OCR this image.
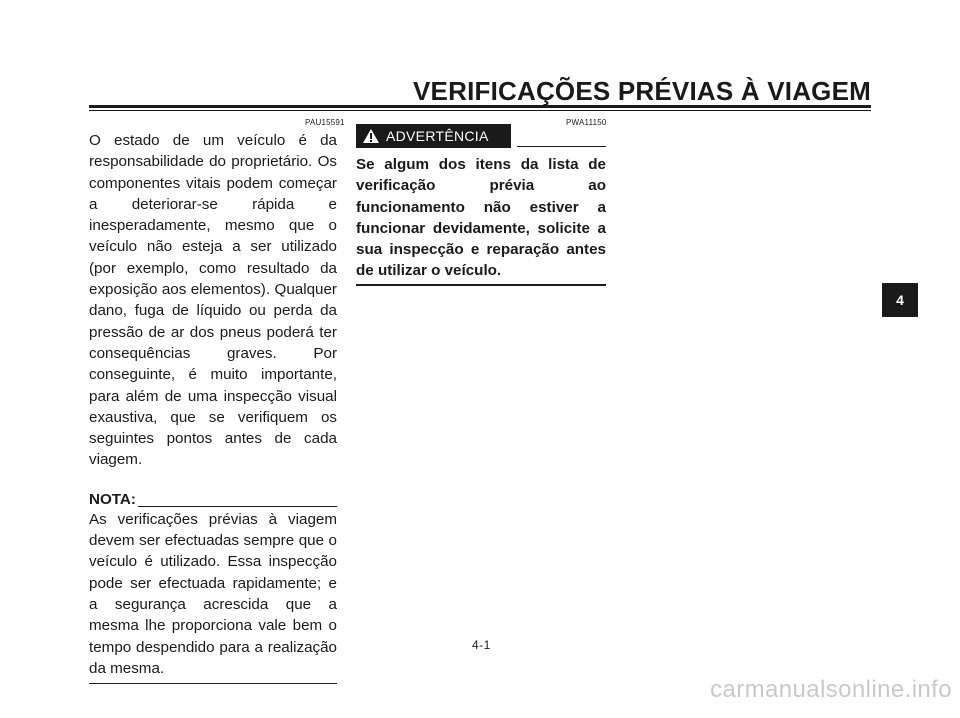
VERIFICAÇÕES PRÉVIAS À VIAGEM
PAU15591	PWA11150

O estado de um veículo é da responsabilidade do proprietário. Os componentes vitais podem começar a deteriorar-se rápida e inesperadamente, mesmo que o veículo não esteja a ser utilizado (por exemplo, como resultado da exposição aos elementos). Qualquer dano, fuga de líquido ou perda da pressão de ar dos pneus poderá ter consequências graves. Por conseguinte, é muito importante, para além de uma inspecção visual exaustiva, que se verifiquem os seguintes pontos antes de cada viagem.

NOTA:

As verificações prévias à viagem devem ser efectuadas sempre que o veículo é utilizado. Essa inspecção pode ser efectuada rapidamente; e a segurança acrescida que a mesma lhe proporciona vale bem o tempo despendido para a realização da mesma.

ADVERTÊNCIA

Se algum dos itens da lista de verificação prévia ao funcionamento não estiver a funcionar devidamente, solicite a sua inspecção e reparação antes de utilizar o veículo.

4-1
4
carmanualsonline.info
